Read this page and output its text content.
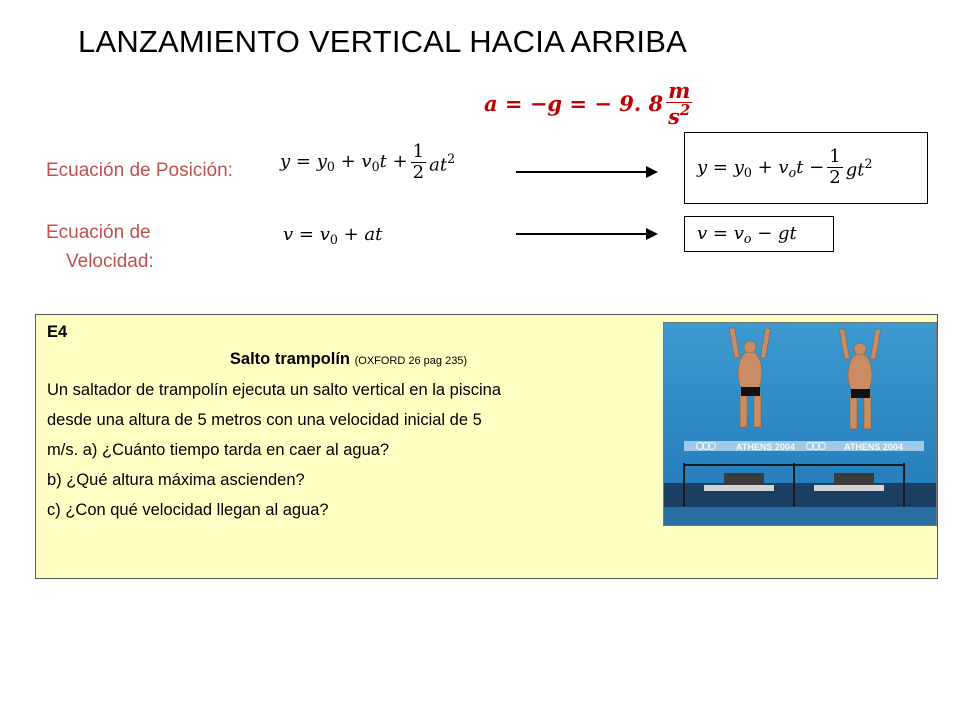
LANZAMIENTO VERTICAL HACIA ARRIBA
a = −g = − 9. $8 \frac{m}{s^2}$
Ecuación de Posición:	$y = y_0 + v_0t + \frac{1}{2} at^2$	$y = y_0 + v_ot - \frac{1}{2} gt^2$
Ecuación de
Velocidad:
$v = v_0$ + at	$v = v_o$ − gt
E4
Salto trampolín (OXFORD 26 pag 235)
Un saltador de trampolín ejecuta un salto vertical en la piscina
desde una altura de 5 metros con una velocidad inicial de 5
m/s. a) ¿Cuánto tiempo tarda en caer al agua?
b) ¿Qué altura máxima ascienden?
c) ¿Con qué velocidad llegan al agua?
ATHENS 2004	ATHENS 2004
